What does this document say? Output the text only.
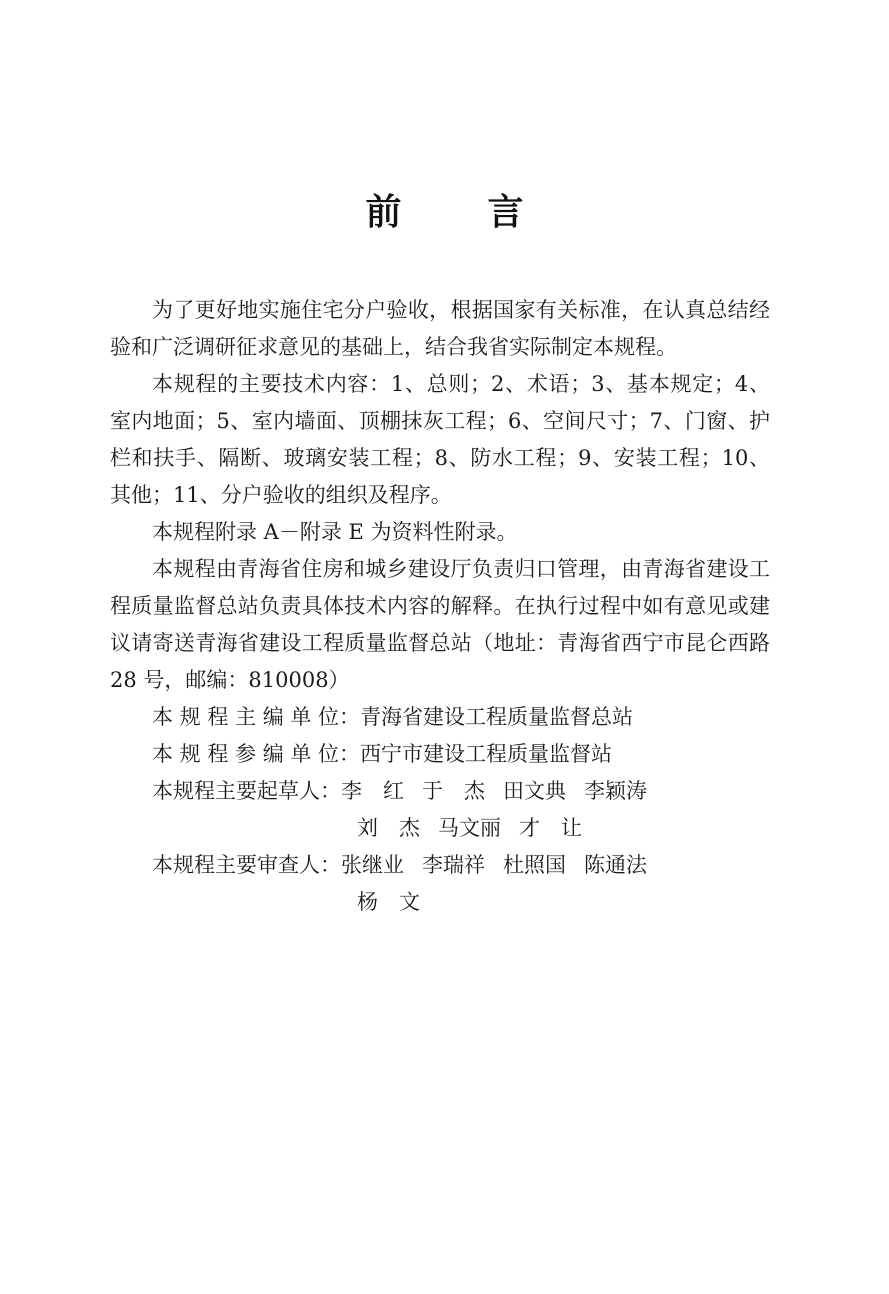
前 言

为了更好地实施住宅分户验收，根据国家有关标准，在认真总结经验和广泛调研征求意见的基础上，结合我省实际制定本规程。

本规程的主要技术内容：1、总则；2、术语；3、基本规定；4、室内地面；5、室内墙面、顶棚抹灰工程；6、空间尺寸；7、门窗、护栏和扶手、隔断、玻璃安装工程；8、防水工程；9、安装工程；10、其他；11、分户验收的组织及程序。

本规程附录 A－附录 E 为资料性附录。

本规程由青海省住房和城乡建设厅负责归口管理，由青海省建设工程质量监督总站负责具体技术内容的解释。在执行过程中如有意见或建议请寄送青海省建设工程质量监督总站（地址：青海省西宁市昆仑西路 28 号，邮编：810008）

本 规 程 主 编 单 位：青海省建设工程质量监督总站

本 规 程 参 编 单 位：西宁市建设工程质量监督站

本规程主要起草人：李　红 于　杰 田文典 李颖涛

刘　杰 马文丽 才　让

本规程主要审查人：张继业 李瑞祥 杜照国 陈通法

杨　文
